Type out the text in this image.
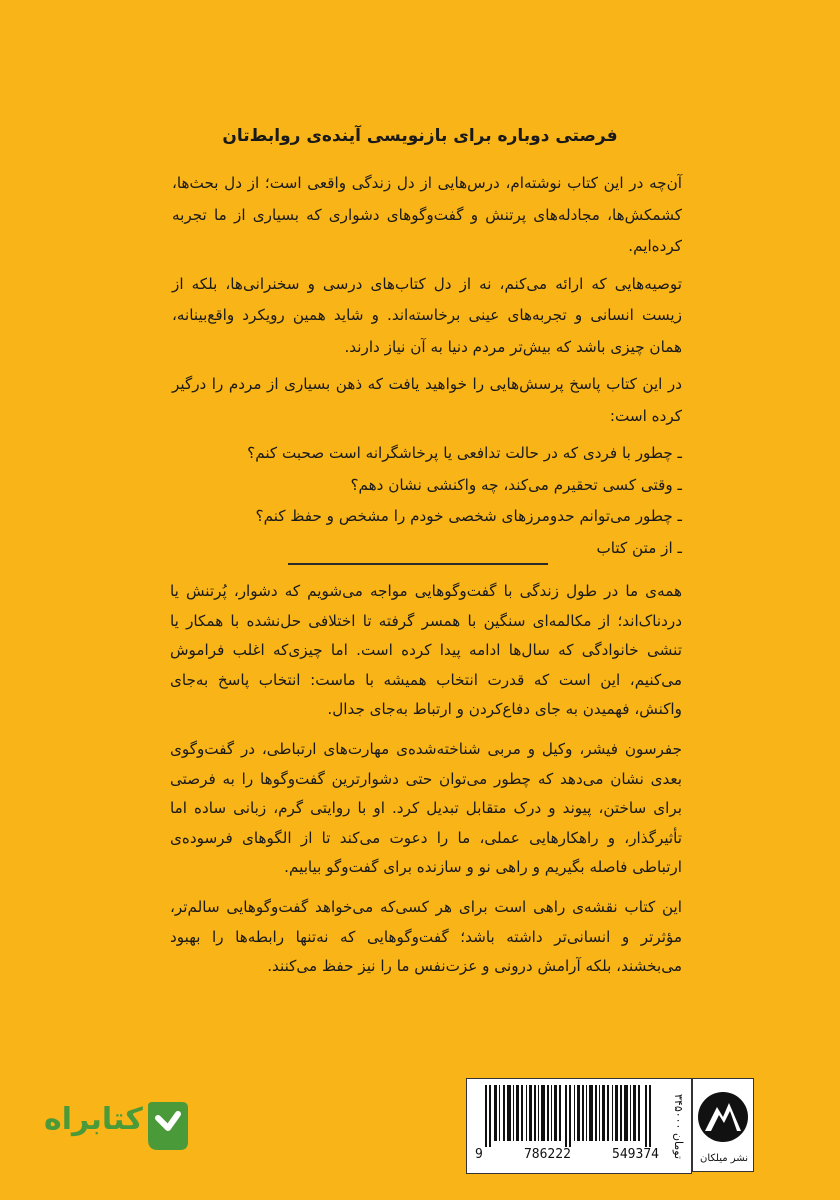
فرصتی دوباره برای بازنویسی آینده‌ی روابط‌تان

آن‌چه در این کتاب نوشته‌ام، درس‌هایی از دل زندگی واقعی است؛ از دل بحث‌ها، کشمکش‌ها، مجادله‌های پرتنش و گفت‌وگوهای دشواری که بسیاری از ما تجربه کرده‌ایم.

توصیه‌هایی که ارائه می‌کنم، نه از دل کتاب‌های درسی و سخنرانی‌ها، بلکه از زیست انسانی و تجربه‌های عینی برخاسته‌اند. و شاید همین رویکرد واقع‌بینانه، همان چیزی باشد که بیش‌تر مردم دنیا به آن نیاز دارند.

در این کتاب پاسخ پرسش‌هایی را خواهید یافت که ذهن بسیاری از مردم را درگیر کرده است:

ـ چطور با فردی که در حالت تدافعی یا پرخاشگرانه است صحبت کنم؟

ـ وقتی کسی تحقیرم می‌کند، چه واکنشی نشان دهم؟

ـ چطور می‌توانم حدومرزهای شخصی خودم را مشخص و حفظ کنم؟

ـ از متن کتاب

همه‌ی ما در طول زندگی با گفت‌وگوهایی مواجه می‌شویم که دشوار، پُرتنش یا دردناک‌اند؛ از مکالمه‌ای سنگین با همسر گرفته تا اختلافی حل‌نشده با همکار یا تنشی خانوادگی که سال‌ها ادامه پیدا کرده است. اما چیزی‌که اغلب فراموش می‌کنیم، این است که قدرت انتخاب همیشه با ماست: انتخاب پاسخ به‌جای واکنش، فهمیدن به جای دفاع‌کردن و ارتباط به‌جای جدال.

جفرسون فیشر، وکیل و مربی شناخته‌شده‌ی مهارت‌های ارتباطی، در گفت‌وگوی بعدی نشان می‌دهد که چطور می‌توان حتی دشوارترین گفت‌وگوها را به فرصتی برای ساختن، پیوند و درک متقابل تبدیل کرد. او با روایتی گرم، زبانی ساده اما تأثیرگذار، و راهکارهایی عملی، ما را دعوت می‌کند تا از الگوهای فرسوده‌ی ارتباطی فاصله بگیریم و راهی نو و سازنده برای گفت‌وگو بیابیم.

این کتاب نقشه‌ی راهی است برای هر کسی‌که می‌خواهد گفت‌وگوهایی سالم‌تر، مؤثرتر و انسانی‌تر داشته باشد؛ گفت‌وگوهایی که نه‌تنها رابطه‌ها را بهبود می‌بخشند، بلکه آرامش درونی و عزت‌نفس ما را نیز حفظ می‌کنند.

9	786222	549374
۳۴۵۰۰۰ تومان	نشر میلکان
کتابراه
